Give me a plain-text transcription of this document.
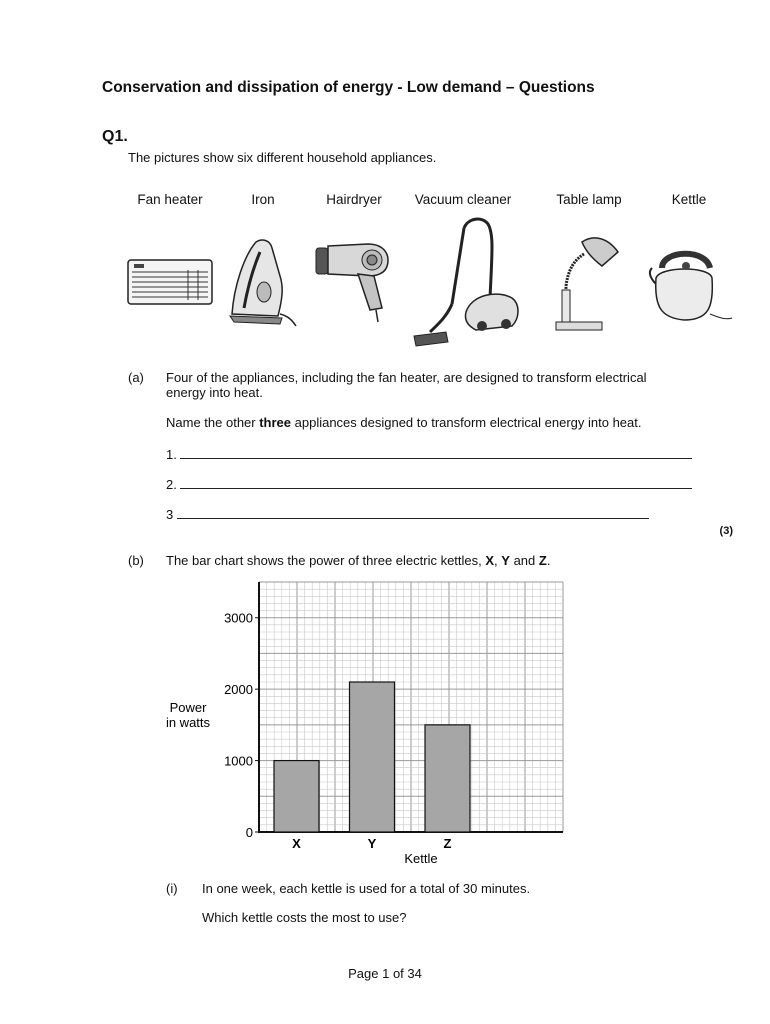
Conservation and dissipation of energy - Low demand – Questions
Q1.
The pictures show six different household appliances.
Fan heater	Iron	Hairdryer	Vacuum cleaner	Table lamp	Kettle
(a) Four of the appliances, including the fan heater, are designed to transform electrical
energy into heat.
Name the other three appliances designed to transform electrical energy into heat.
1.
2.
3
(3)
(b) The bar chart shows the power of three electric kettles, X, Y and Z.
0
1000
2000
3000
X	Y	Z
Power
in watts
Kettle
(i) In one week, each kettle is used for a total of 30 minutes.
Which kettle costs the most to use?
Page 1 of 34
